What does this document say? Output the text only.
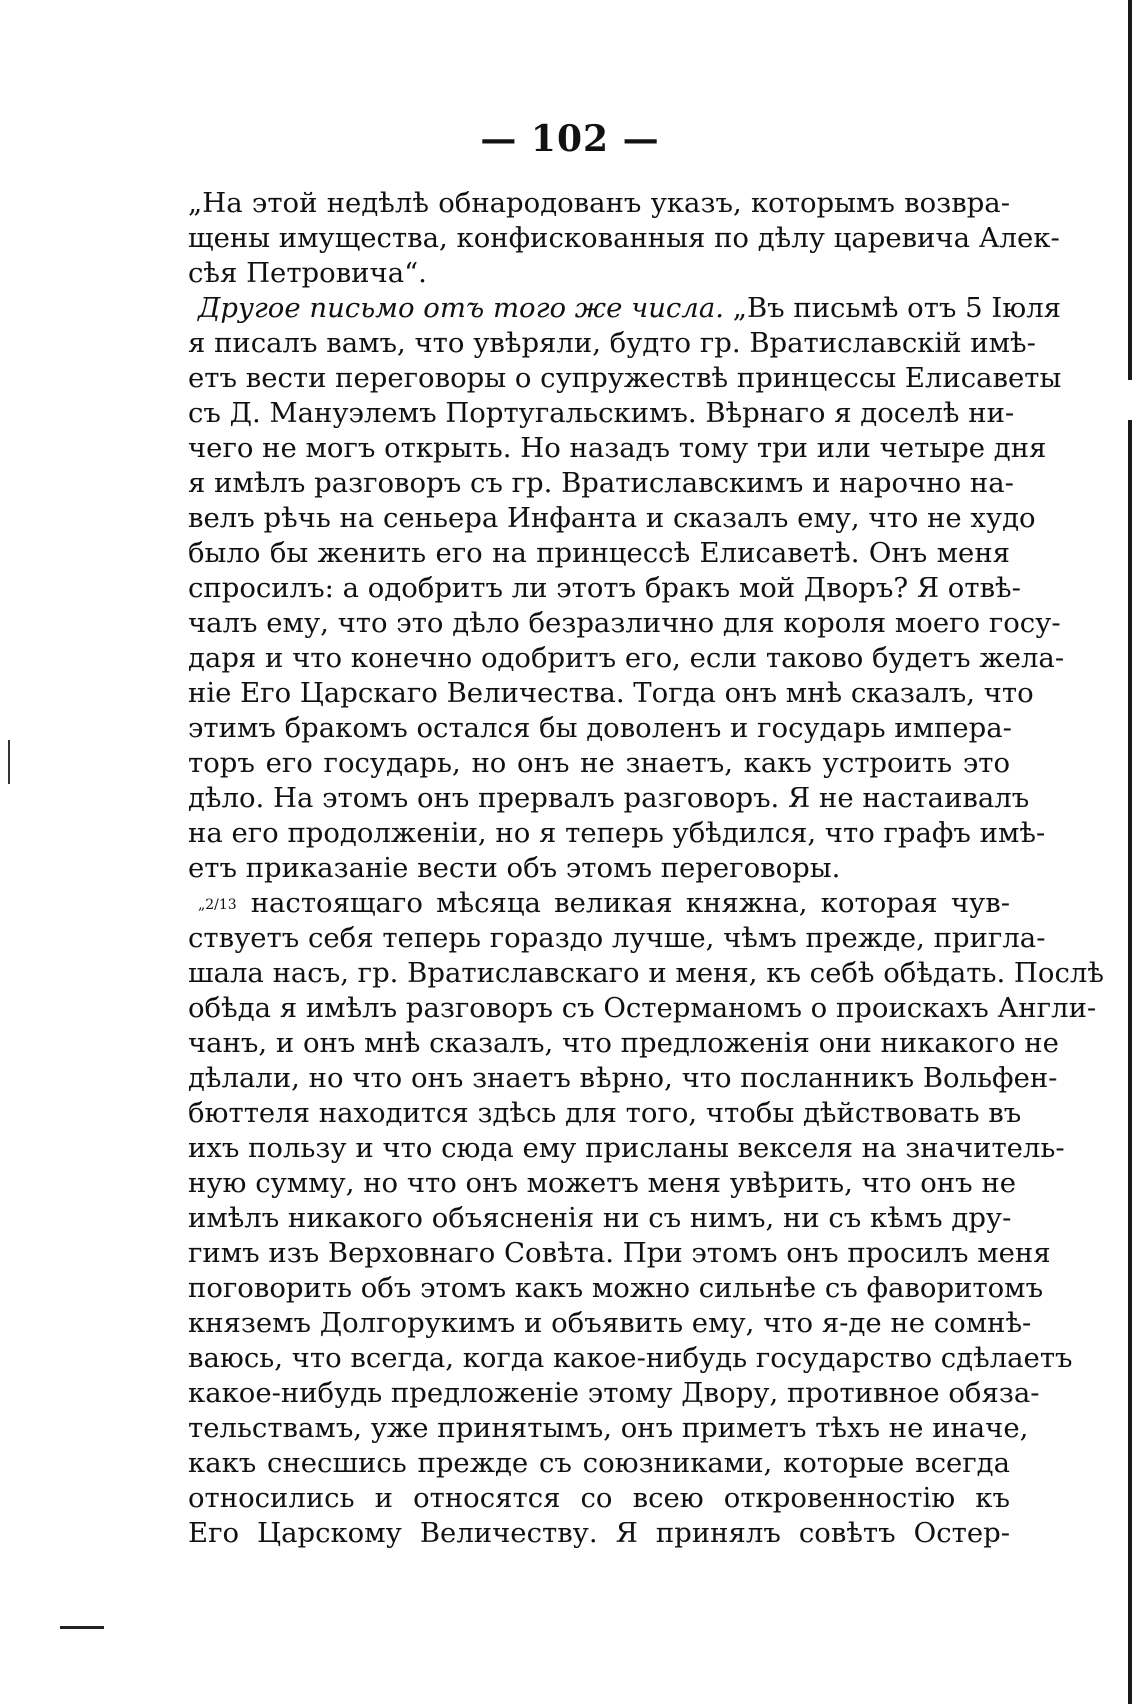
— 102 —
„На этой недѣлѣ обнародованъ указъ, которымъ возвра-
щены имущества, конфискованныя по дѣлу царевича Алек-
сѣя Петровича“.
Другое письмо отъ того же числа. „Въ письмѣ отъ 5 Іюля
я писалъ вамъ, что увѣряли, будто гр. Вратиславскій имѣ-
етъ вести переговоры о супружествѣ принцессы Елисаветы
съ Д. Мануэлемъ Португальскимъ. Вѣрнаго я доселѣ ни-
чего не могъ открыть. Но назадъ тому три или четыре дня
я имѣлъ разговоръ съ гр. Вратиславскимъ и нарочно на-
велъ рѣчь на сеньера Инфанта и сказалъ ему, что не худо
было бы женить его на принцессѣ Елисаветѣ. Онъ меня
спросилъ: а одобритъ ли этотъ бракъ мой Дворъ? Я отвѣ-
чалъ ему, что это дѣло безразлично для короля моего госу-
даря и что конечно одобритъ его, если таково будетъ жела-
ніе Его Царскаго Величества. Тогда онъ мнѣ сказалъ, что
этимъ бракомъ остался бы доволенъ и государь импера-
торъ его государь, но онъ не знаетъ, какъ устроить это
дѣло. На этомъ онъ прервалъ разговоръ. Я не настаивалъ
на его продолженіи, но я теперь убѣдился, что графъ имѣ-
етъ приказаніе вести объ этомъ переговоры.
„2/13 настоящаго мѣсяца великая княжна, которая чув-
ствуетъ себя теперь гораздо лучше, чѣмъ прежде, пригла-
шала насъ, гр. Вратиславскаго и меня, къ себѣ обѣдать. Послѣ
обѣда я имѣлъ разговоръ съ Остерманомъ о проискахъ Англи-
чанъ, и онъ мнѣ сказалъ, что предложенія они никакого не
дѣлали, но что онъ знаетъ вѣрно, что посланникъ Вольфен-
бюттеля находится здѣсь для того, чтобы дѣйствовать въ
ихъ пользу и что сюда ему присланы векселя на значитель-
ную сумму, но что онъ можетъ меня увѣрить, что онъ не
имѣлъ никакого объясненія ни съ нимъ, ни съ кѣмъ дру-
гимъ изъ Верховнаго Совѣта. При этомъ онъ просилъ меня
поговорить объ этомъ какъ можно сильнѣе съ фаворитомъ
княземъ Долгорукимъ и объявить ему, что я-де не сомнѣ-
ваюсь, что всегда, когда какое-нибудь государство сдѣлаетъ
какое-нибудь предложеніе этому Двору, противное обяза-
тельствамъ, уже принятымъ, онъ приметъ тѣхъ не иначе,
какъ снесшись прежде съ союзниками, которые всегда
относились и относятся со всею откровенностію къ
Его Царскому Величеству. Я принялъ совѣтъ Остер-
